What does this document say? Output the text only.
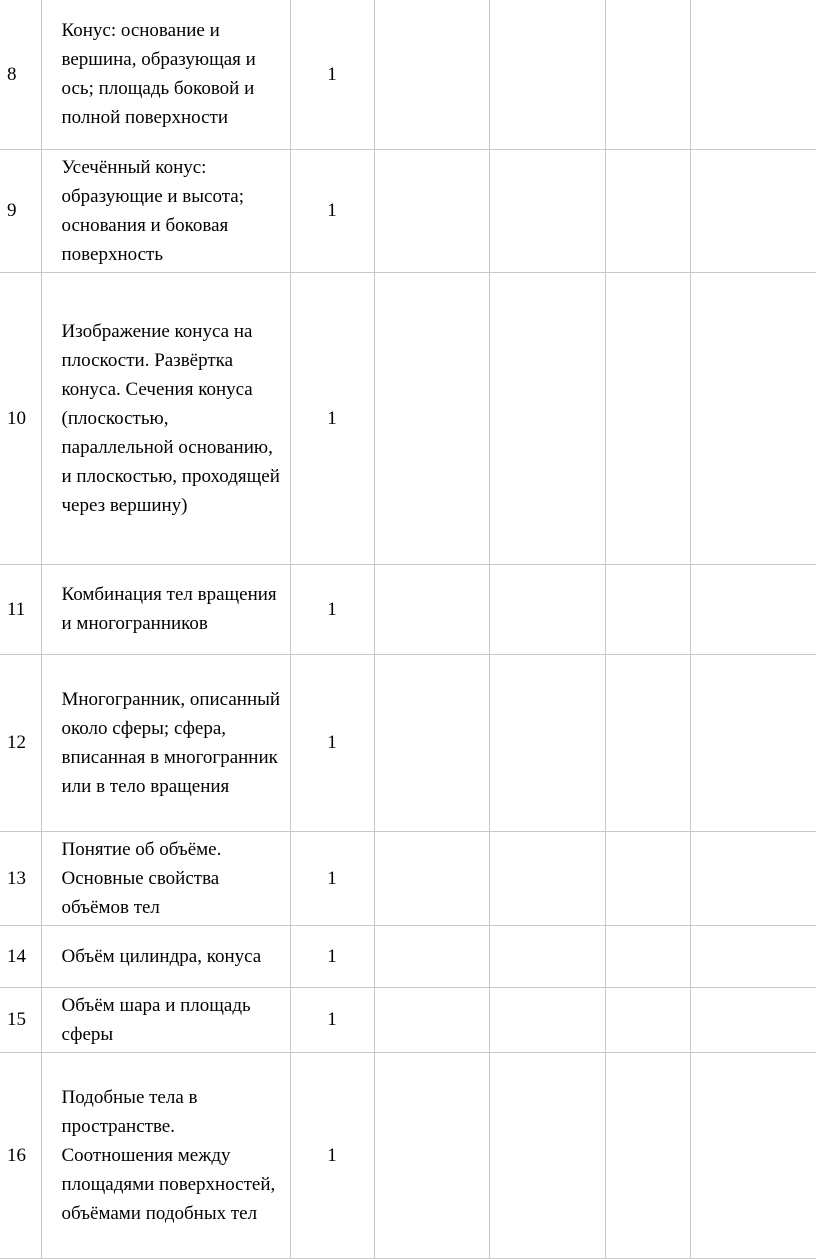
8	Конус: основание и вершина, образующая и ось; площадь боковой и полной поверхности	1				
9	Усечённый конус: образующие и высота; основания и боковая поверхность	1				
10	Изображение конуса на плоскости. Развёртка конуса. Сечения конуса (плоскостью, параллельной основанию, и плоскостью, проходящей через вершину)	1				
11	Комбинация тел вращения и многогранников	1				
12	Многогранник, описанный около сферы; сфера, вписанная в многогранник или в тело вращения	1				
13	Понятие об объёме. Основные свойства объёмов тел	1				
14	Объём цилиндра, конуса	1				
15	Объём шара и площадь сферы	1				
16	Подобные тела в пространстве. Соотношения между площадями поверхностей, объёмами подобных тел	1				
